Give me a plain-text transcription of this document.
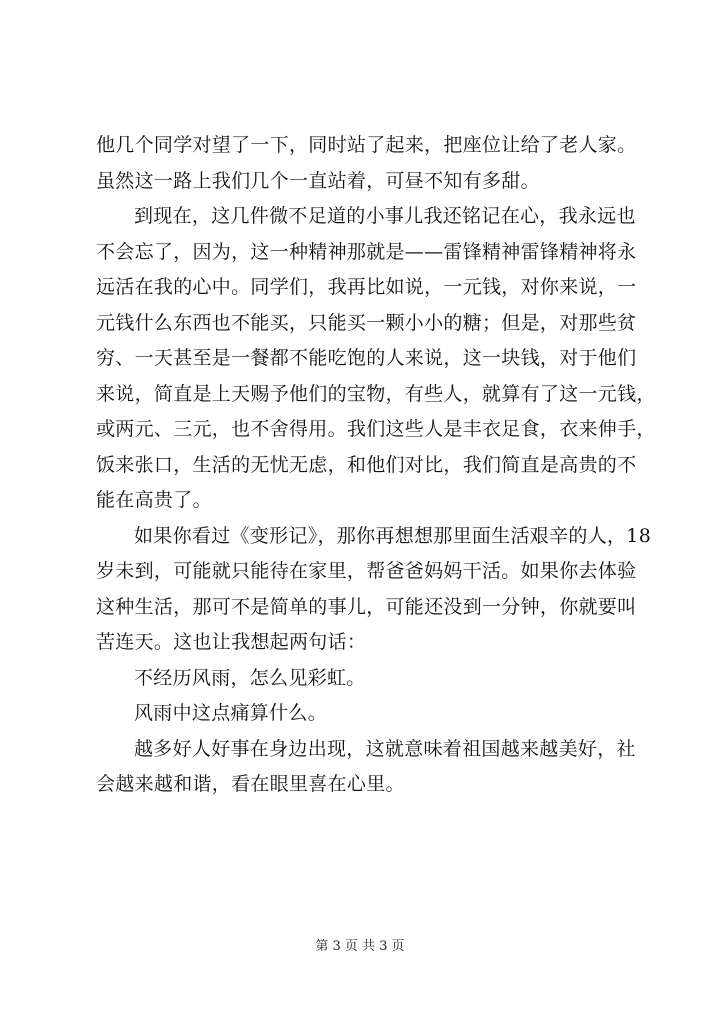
他几个同学对望了一下，同时站了起来，把座位让给了老人家。
虽然这一路上我们几个一直站着，可昼不知有多甜。
到现在，这几件微不足道的小事儿我还铭记在心，我永远也
不会忘了，因为，这一种精神那就是——雷锋精神雷锋精神将永
远活在我的心中。同学们，我再比如说，一元钱，对你来说，一
元钱什么东西也不能买，只能买一颗小小的糖；但是，对那些贫
穷、一天甚至是一餐都不能吃饱的人来说，这一块钱，对于他们
来说，简直是上天赐予他们的宝物，有些人，就算有了这一元钱，
或两元、三元，也不舍得用。我们这些人是丰衣足食，衣来伸手，
饭来张口，生活的无忧无虑，和他们对比，我们简直是高贵的不
能在高贵了。
如果你看过《变形记》，那你再想想那里面生活艰辛的人，18
岁未到，可能就只能待在家里，帮爸爸妈妈干活。如果你去体验
这种生活，那可不是简单的事儿，可能还没到一分钟，你就要叫
苦连天。这也让我想起两句话：
不经历风雨，怎么见彩虹。
风雨中这点痛算什么。
越多好人好事在身边出现，这就意味着祖国越来越美好，社
会越来越和谐，看在眼里喜在心里。
第 3 页 共 3 页
